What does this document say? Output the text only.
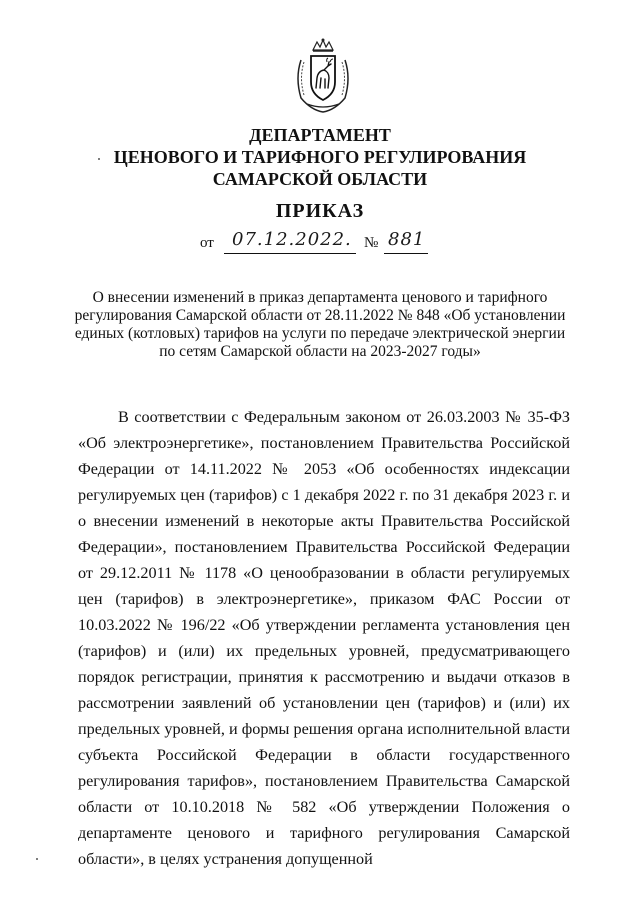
ДЕПАРТАМЕНТ
ЦЕНОВОГО И ТАРИФНОГО РЕГУЛИРОВАНИЯ
САМАРСКОЙ ОБЛАСТИ
ПРИКАЗ
от 07.12.2022. № 881
О внесении изменений в приказ департамента ценового и тарифного регулирования Самарской области от 28.11.2022 № 848 «Об установлении единых (котловых) тарифов на услуги по передаче электрической энергии по сетям Самарской области на 2023-2027 годы»

В соответствии с Федеральным законом от 26.03.2003 № 35-ФЗ «Об электроэнергетике», постановлением Правительства Российской Федерации от 14.11.2022 № 2053 «Об особенностях индексации регулируемых цен (тарифов) с 1 декабря 2022 г. по 31 декабря 2023 г. и о внесении изменений в некоторые акты Правительства Российской Федерации», постановлением Правительства Российской Федерации от 29.12.2011 № 1178 «О ценообразовании в области регулируемых цен (тарифов) в электроэнергетике», приказом ФАС России от 10.03.2022 № 196/22 «Об утверждении регламента установления цен (тарифов) и (или) их предельных уровней, предусматривающего порядок регистрации, принятия к рассмотрению и выдачи отказов в рассмотрении заявлений об установлении цен (тарифов) и (или) их предельных уровней, и формы решения органа исполнительной власти субъекта Российской Федерации в области государственного регулирования тарифов», постановлением Правительства Самарской области от 10.10.2018 № 582 «Об утверждении Положения о департаменте ценового и тарифного регулирования Самарской области», в целях устранения допущенной
